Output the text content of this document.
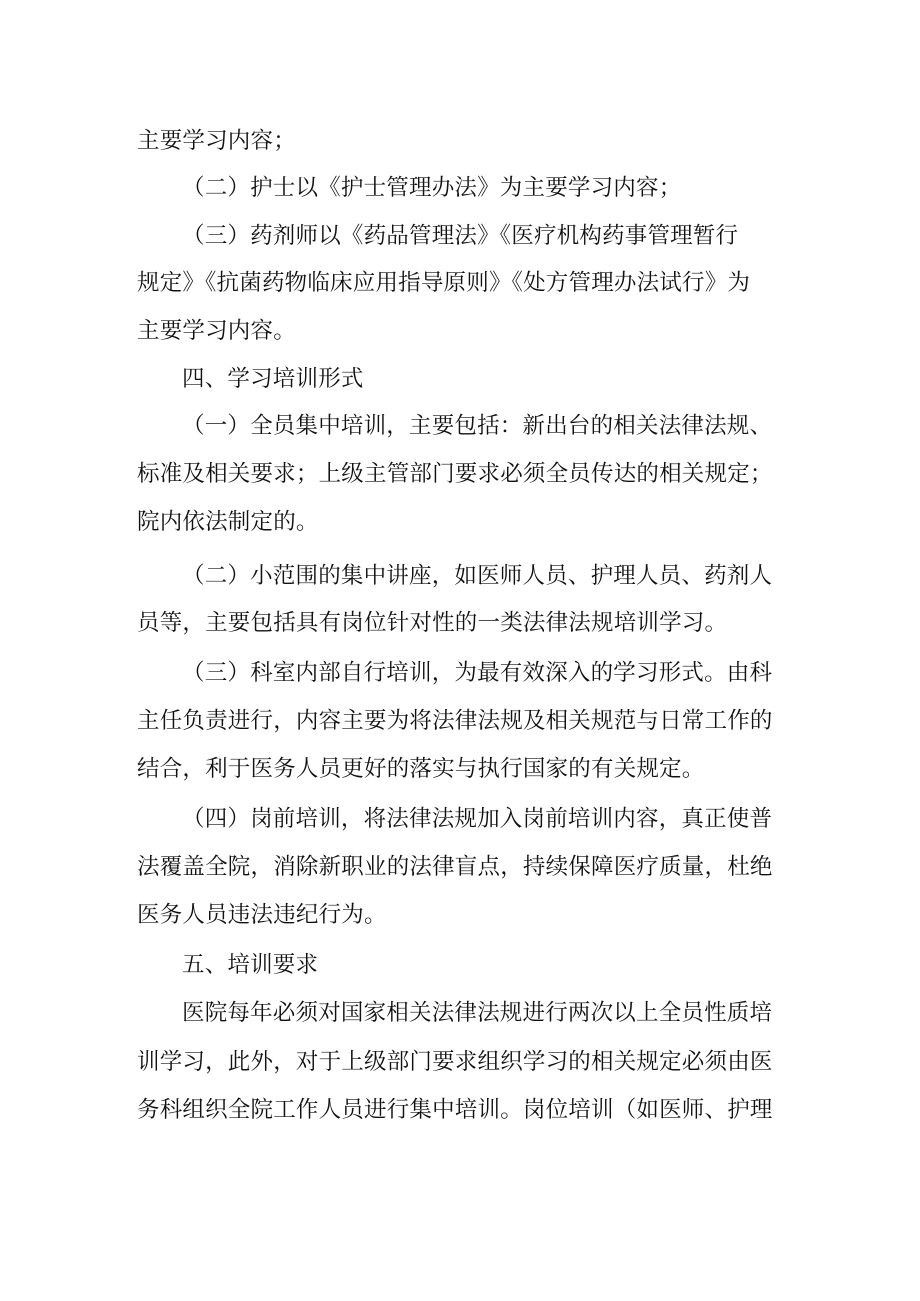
主要学习内容；
（二）护士以《护士管理办法》为主要学习内容；
（三）药剂师以《药品管理法》《医疗机构药事管理暂行
规定》《抗菌药物临床应用指导原则》《处方管理办法试行》为
主要学习内容。
四、学习培训形式
（一）全员集中培训，主要包括：新出台的相关法律法规、
标准及相关要求；上级主管部门要求必须全员传达的相关规定；
院内依法制定的。
（二）小范围的集中讲座，如医师人员、护理人员、药剂人
员等，主要包括具有岗位针对性的一类法律法规培训学习。
（三）科室内部自行培训，为最有效深入的学习形式。由科
主任负责进行，内容主要为将法律法规及相关规范与日常工作的
结合，利于医务人员更好的落实与执行国家的有关规定。
（四）岗前培训，将法律法规加入岗前培训内容，真正使普
法覆盖全院，消除新职业的法律盲点，持续保障医疗质量，杜绝
医务人员违法违纪行为。
五、培训要求
医院每年必须对国家相关法律法规进行两次以上全员性质培
训学习，此外，对于上级部门要求组织学习的相关规定必须由医
务科组织全院工作人员进行集中培训。岗位培训（如医师、护理
